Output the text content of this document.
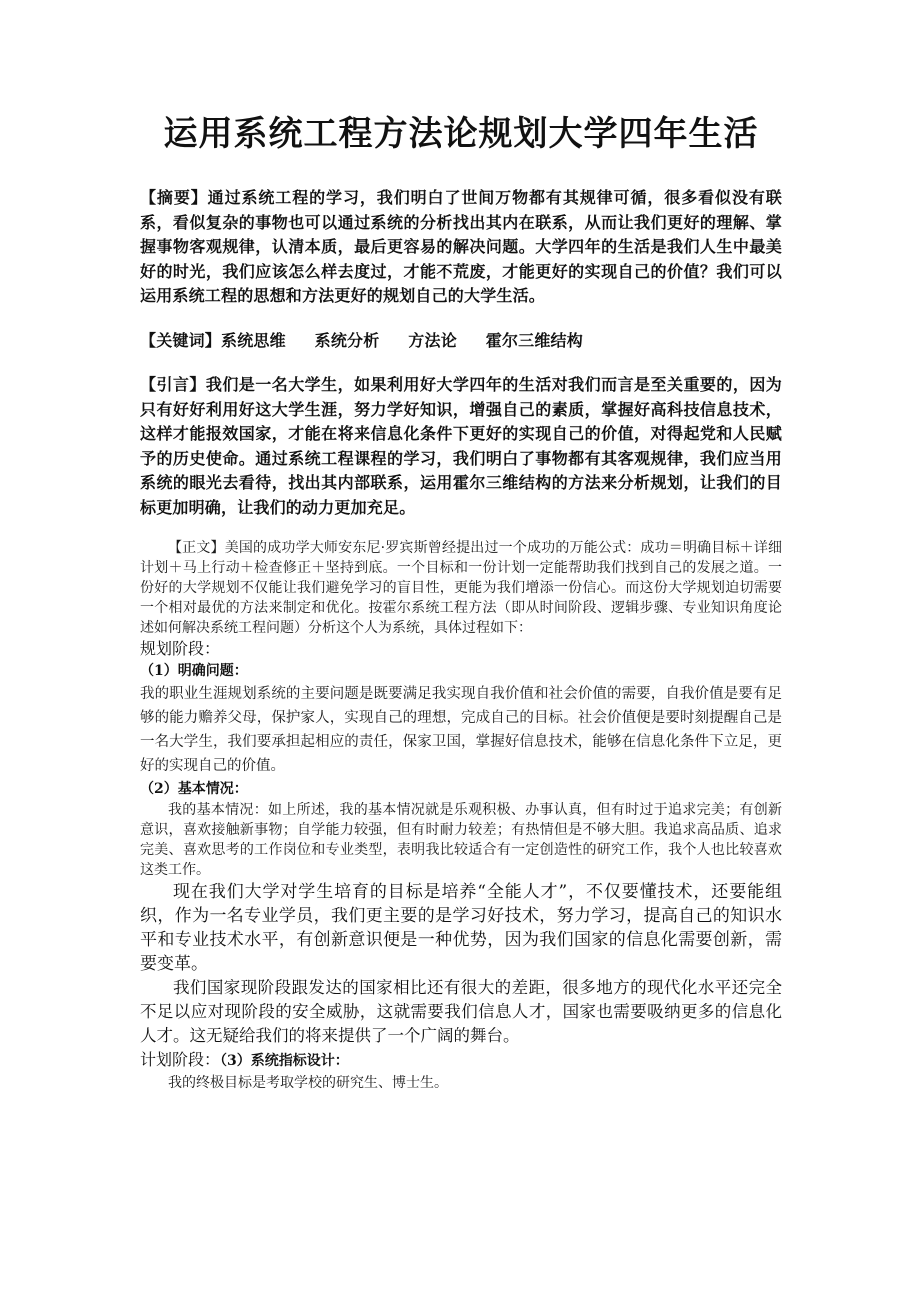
运用系统工程方法论规划大学四年生活

【摘要】通过系统工程的学习，我们明白了世间万物都有其规律可循，很多看似没有联系，看似复杂的事物也可以通过系统的分析找出其内在联系，从而让我们更好的理解、掌握事物客观规律，认清本质，最后更容易的解决问题。大学四年的生活是我们人生中最美好的时光，我们应该怎么样去度过，才能不荒废，才能更好的实现自己的价值？我们可以运用系统工程的思想和方法更好的规划自己的大学生活。

【关键词】系统思维     系统分析     方法论     霍尔三维结构

【引言】我们是一名大学生，如果利用好大学四年的生活对我们而言是至关重要的，因为只有好好利用好这大学生涯，努力学好知识，增强自己的素质，掌握好高科技信息技术，这样才能报效国家，才能在将来信息化条件下更好的实现自己的价值，对得起党和人民赋予的历史使命。通过系统工程课程的学习，我们明白了事物都有其客观规律，我们应当用系统的眼光去看待，找出其内部联系，运用霍尔三维结构的方法来分析规划，让我们的目标更加明确，让我们的动力更加充足。

【正文】美国的成功学大师安东尼·罗宾斯曾经提出过一个成功的万能公式：成功＝明确目标＋详细计划＋马上行动＋检查修正＋坚持到底。一个目标和一份计划一定能帮助我们找到自己的发展之道。一份好的大学规划不仅能让我们避免学习的盲目性，更能为我们增添一份信心。而这份大学规划迫切需要一个相对最优的方法来制定和优化。按霍尔系统工程方法（即从时间阶段、逻辑步骤、专业知识角度论述如何解决系统工程问题）分析这个人为系统，具体过程如下：

规划阶段：

（1）明确问题：

我的职业生涯规划系统的主要问题是既要满足我实现自我价值和社会价值的需要，自我价值是要有足够的能力赡养父母，保护家人，实现自己的理想，完成自己的目标。社会价值便是要时刻提醒自己是一名大学生，我们要承担起相应的责任，保家卫国，掌握好信息技术，能够在信息化条件下立足，更好的实现自己的价值。

（2）基本情况：

我的基本情况：如上所述，我的基本情况就是乐观积极、办事认真，但有时过于追求完美；有创新意识，喜欢接触新事物；自学能力较强，但有时耐力较差；有热情但是不够大胆。我追求高品质、追求完美、喜欢思考的工作岗位和专业类型，表明我比较适合有一定创造性的研究工作，我个人也比较喜欢这类工作。

现在我们大学对学生培育的目标是培养“全能人才”，不仅要懂技术，还要能组织，作为一名专业学员，我们更主要的是学习好技术，努力学习，提高自己的知识水平和专业技术水平，有创新意识便是一种优势，因为我们国家的信息化需要创新，需要变革。

我们国家现阶段跟发达的国家相比还有很大的差距，很多地方的现代化水平还完全不足以应对现阶段的安全威胁，这就需要我们信息人才，国家也需要吸纳更多的信息化人才。这无疑给我们的将来提供了一个广阔的舞台。

计划阶段：（3）系统指标设计：

我的终极目标是考取学校的研究生、博士生。
